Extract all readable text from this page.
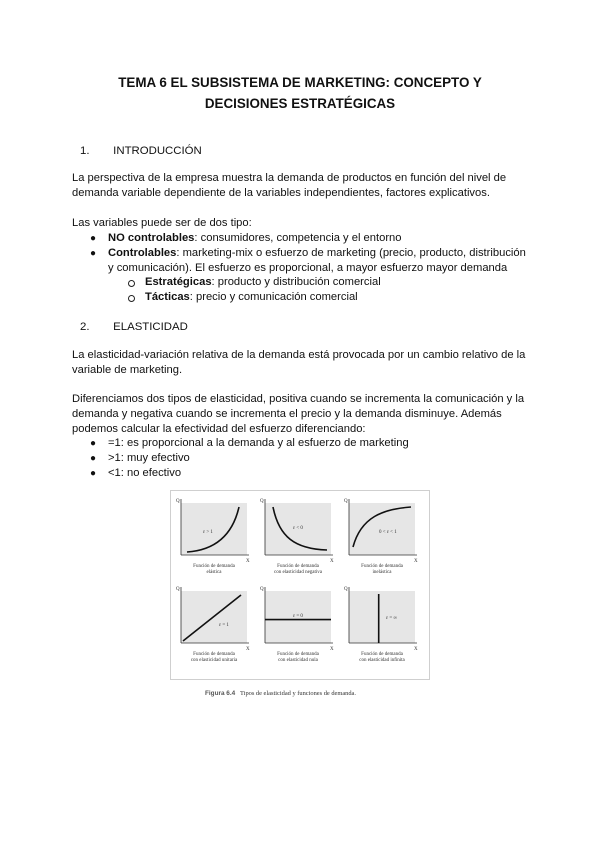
TEMA 6 EL SUBSISTEMA DE MARKETING: CONCEPTO Y
DECISIONES ESTRATÉGICAS
1. INTRODUCCIÓN
La perspectiva de la empresa muestra la demanda de productos en función del nivel de
demanda variable dependiente de la variables independientes, factores explicativos.
Las variables puede ser de dos tipo:
● NO controlables: consumidores, competencia y el entorno
● Controlables: marketing-mix o esfuerzo de marketing (precio, producto, distribución
y comunicación). El esfuerzo es proporcional, a mayor esfuerzo mayor demanda
Estratégicas: producto y distribución comercial
Tácticas: precio y comunicación comercial
2. ELASTICIDAD
La elasticidad-variación relativa de la demanda está provocada por un cambio relativo de la
variable de marketing.
Diferenciamos dos tipos de elasticidad, positiva cuando se incrementa la comunicación y la
demanda y negativa cuando se incrementa el precio y la demanda disminuye. Además
podemos calcular la efectividad del esfuerzo diferenciando:
● =1: es proporcional a la demanda y al esfuerzo de marketing
● >1: muy efectivo
● <1: no efectivo
Q
X
ε > 1
Función de demanda
elástica
Q
X
ε < 0
Función de demanda
con elasticidad negativa
Q
X
0 < ε < 1
Función de demanda
inelástica
Q
X
ε = 1
Función de demanda
con elasticidad unitaria
Q
X
ε = 0
Función de demanda
con elasticidad nula
Q
X
ε = ∞
Función de demanda
con elasticidad infinita
Figura 6.4 Tipos de elasticidad y funciones de demanda.
